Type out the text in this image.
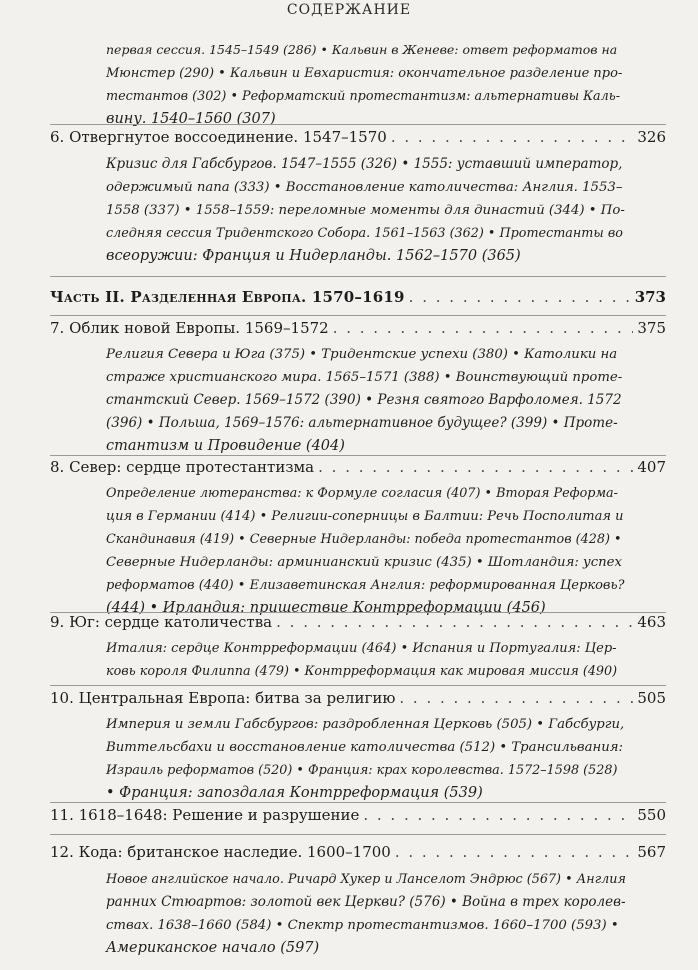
СОДЕРЖАНИЕ
первая сессия. 1545–1549 (286) • Кальвин в Женеве: ответ реформатов на
Мюнстер (290) • Кальвин и Евхаристия: окончательное разделение про-
тестантов (302) • Реформатский протестантизм: альтернативы Каль-
вину. 1540–1560 (307)
6. Отвергнутое воссоединение. 1547–1570 . . .	326
Кризис для Габсбургов. 1547–1555 (326) • 1555: уставший император,
одержимый папа (333) • Восстановление католичества: Англия. 1553–
1558 (337) • 1558–1559: переломные моменты для династий (344) • По-
следняя сессия Тридентского Собора. 1561–1563 (362) • Протестанты во
всеоружии: Франция и Нидерланды. 1562–1570 (365)
Часть II. Разделенная Европа. 1570–1619 . . .	373
7. Облик новой Европы. 1569–1572 . . .	375
Религия Севера и Юга (375) • Тридентские успехи (380) • Католики на
страже христианского мира. 1565–1571 (388) • Воинствующий проте-
стантский Север. 1569–1572 (390) • Резня святого Варфоломея. 1572
(396) • Польша, 1569–1576: альтернативное будущее? (399) • Проте-
стантизм и Провидение (404)
8. Север: сердце протестантизма . . .	407
Определение лютеранства: к Формуле согласия (407) • Вторая Реформа-
ция в Германии (414) • Религии-соперницы в Балтии: Речь Посполитая и
Скандинавия (419) • Северные Нидерланды: победа протестантов (428) •
Северные Нидерланды: арминианский кризис (435) • Шотландия: успех
реформатов (440) • Елизаветинская Англия: реформированная Церковь?
(444) • Ирландия: пришествие Контрреформации (456)
9. Юг: сердце католичества . . .	463
Италия: сердце Контрреформации (464) • Испания и Португалия: Цер-
ковь короля Филиппа (479) • Контрреформация как мировая миссия (490)
10. Центральная Европа: битва за религию . . .	505
Империя и земли Габсбургов: раздробленная Церковь (505) • Габсбурги,
Виттельсбахи и восстановление католичества (512) • Трансильвания:
Израиль реформатов (520) • Франция: крах королевства. 1572–1598 (528)
• Франция: запоздалая Контрреформация (539)
11. 1618–1648: Решение и разрушение . . .	550
12. Кода: британское наследие. 1600–1700 . . .	567
Новое английское начало. Ричард Хукер и Ланселот Эндрюс (567) • Англия
ранних Стюартов: золотой век Церкви? (576) • Война в трех королев-
ствах. 1638–1660 (584) • Спектр протестантизмов. 1660–1700 (593) •
Американское начало (597)
